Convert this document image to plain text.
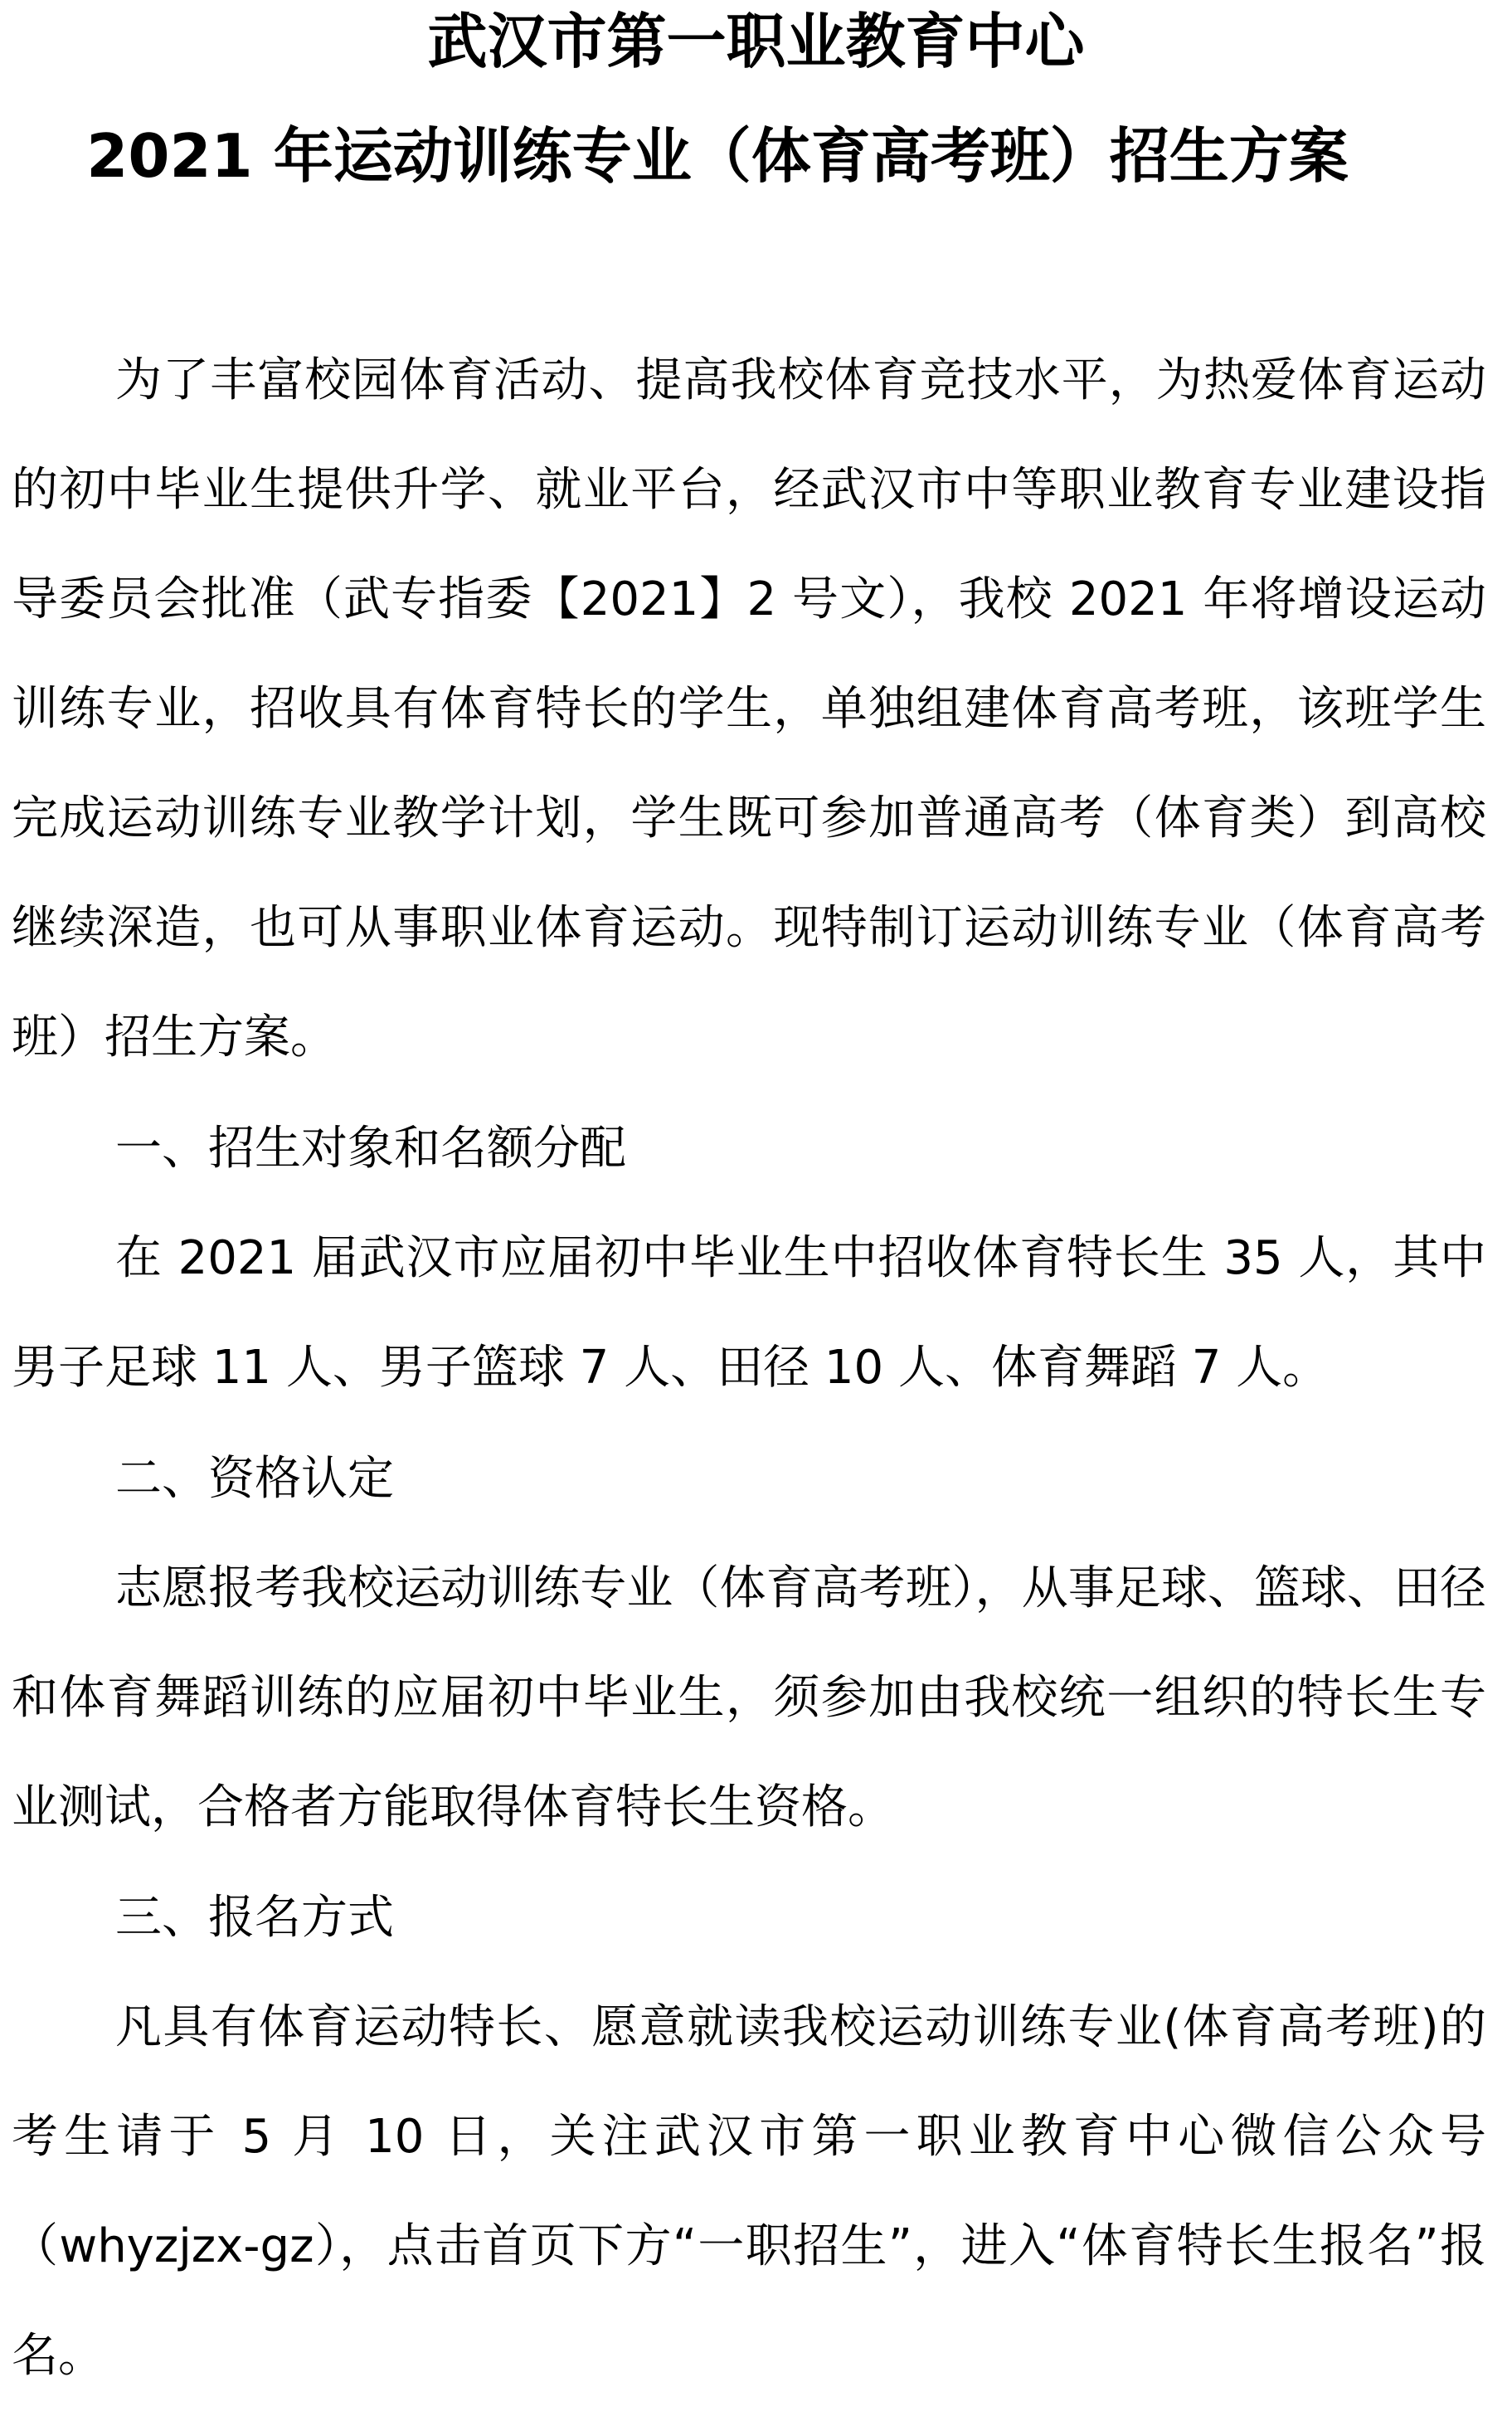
武汉市第一职业教育中心
2021 年运动训练专业（体育高考班）招生方案

为了丰富校园体育活动、提高我校体育竞技水平，为热爱体育运动的初中毕业生提供升学、就业平台，经武汉市中等职业教育专业建设指导委员会批准（武专指委【2021】2 号文），我校 2021 年将增设运动训练专业，招收具有体育特长的学生，单独组建体育高考班，该班学生完成运动训练专业教学计划，学生既可参加普通高考（体育类）到高校继续深造，也可从事职业体育运动。现特制订运动训练专业（体育高考班）招生方案。

一、招生对象和名额分配

在 2021 届武汉市应届初中毕业生中招收体育特长生 35 人，其中男子足球 11 人、男子篮球 7 人、田径 10 人、体育舞蹈 7 人。

二、资格认定

志愿报考我校运动训练专业（体育高考班），从事足球、篮球、田径和体育舞蹈训练的应届初中毕业生，须参加由我校统一组织的特长生专业测试，合格者方能取得体育特长生资格。

三、报名方式

凡具有体育运动特长、愿意就读我校运动训练专业(体育高考班)的考生请于 5 月 10 日，关注武汉市第一职业教育中心微信公众号（whyzjzx-gz），点击首页下方“一职招生”，进入“体育特长生报名”报名。
